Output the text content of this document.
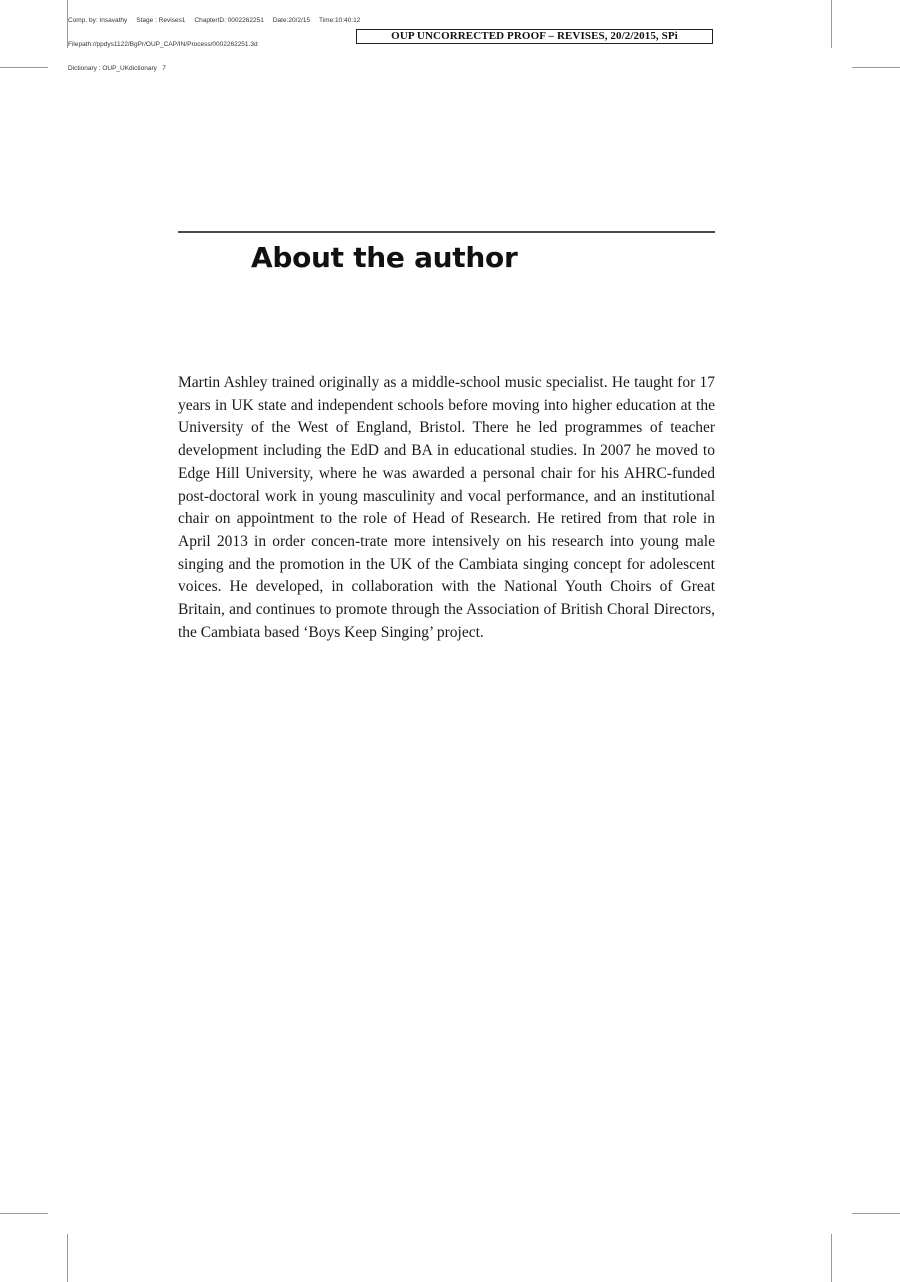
Comp. by: Insavathy     Stage : Revises1     ChapterID: 0002262251     Date:20/2/15     Time:10:40:12

Filepath://ppdys1122/BgPr/OUP_CAP/IN/Process/0002262251.3d

Dictionary : OUP_UKdictionary   7

OUP UNCORRECTED PROOF – REVISES, 20/2/2015, SPi
About the author

Martin Ashley trained originally as a middle-school music specialist. He taught for 17 years in UK state and independent schools before moving into higher education at the University of the West of England, Bristol. There he led programmes of teacher development including the EdD and BA in educational studies. In 2007 he moved to Edge Hill University, where he was awarded a personal chair for his AHRC-funded post-doctoral work in young masculinity and vocal performance, and an institutional chair on appointment to the role of Head of Research. He retired from that role in April 2013 in order concen-trate more intensively on his research into young male singing and the promotion in the UK of the Cambiata singing concept for adolescent voices. He developed, in collaboration with the National Youth Choirs of Great Britain, and continues to promote through the Association of British Choral Directors, the Cambiata based ‘Boys Keep Singing’ project.
